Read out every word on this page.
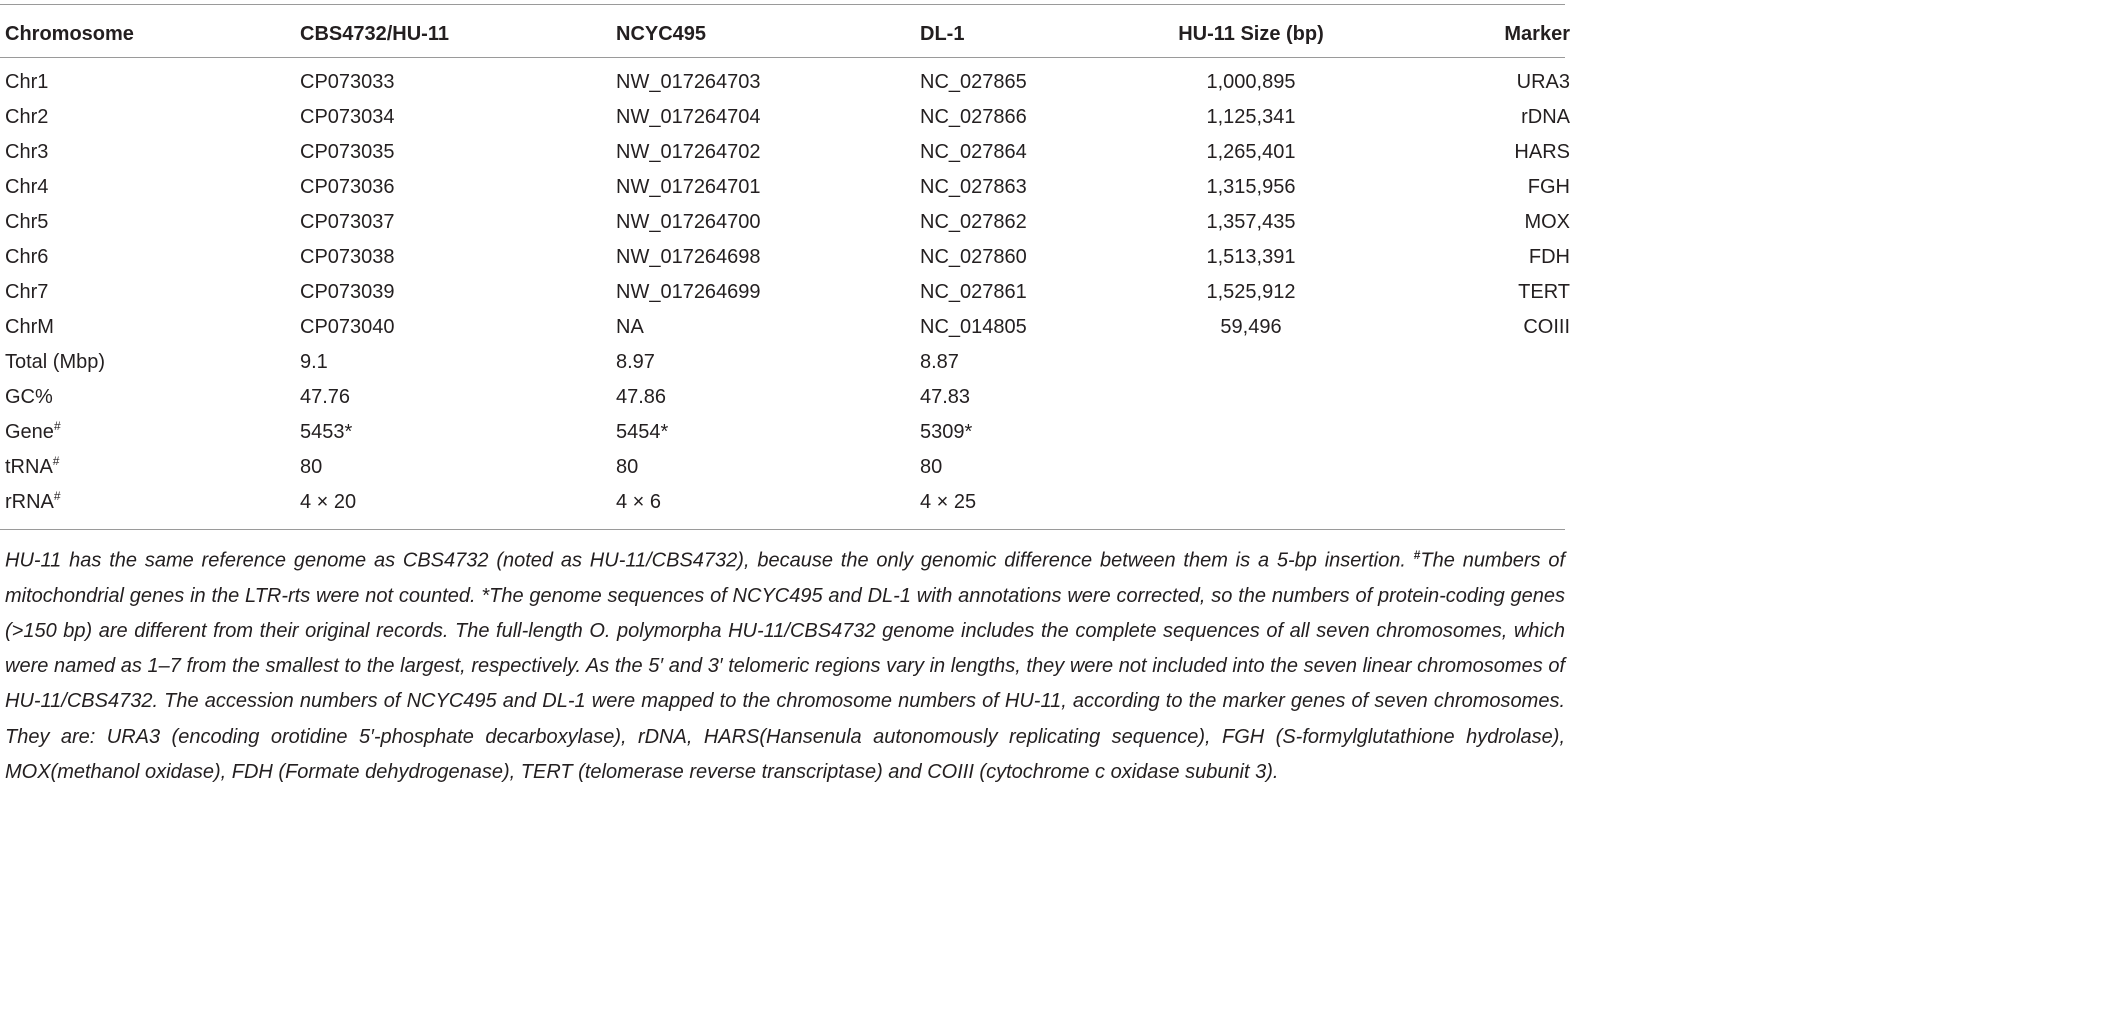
Chromosome	CBS4732/HU-11	NCYC495	DL-1	HU-11 Size (bp)	Marker
Chr1	CP073033	NW_017264703	NC_027865	1,000,895	URA3
Chr2	CP073034	NW_017264704	NC_027866	1,125,341	rDNA
Chr3	CP073035	NW_017264702	NC_027864	1,265,401	HARS
Chr4	CP073036	NW_017264701	NC_027863	1,315,956	FGH
Chr5	CP073037	NW_017264700	NC_027862	1,357,435	MOX
Chr6	CP073038	NW_017264698	NC_027860	1,513,391	FDH
Chr7	CP073039	NW_017264699	NC_027861	1,525,912	TERT
ChrM	CP073040	NA	NC_014805	59,496	COIII
Total (Mbp)	9.1	8.97	8.87		
GC%	47.76	47.86	47.83		
Gene#	5453*	5454*	5309*		
tRNA#	80	80	80		
rRNA#	4 × 20	4 × 6	4 × 25		
HU-11 has the same reference genome as CBS4732 (noted as HU-11/CBS4732), because the only genomic difference between them is a 5-bp insertion. #The numbers of mitochondrial genes in the LTR-rts were not counted. *The genome sequences of NCYC495 and DL-1 with annotations were corrected, so the numbers of protein-coding genes (>150 bp) are different from their original records. The full-length O. polymorpha HU-11/CBS4732 genome includes the complete sequences of all seven chromosomes, which were named as 1–7 from the smallest to the largest, respectively. As the 5′ and 3′ telomeric regions vary in lengths, they were not included into the seven linear chromosomes of HU-11/CBS4732. The accession numbers of NCYC495 and DL-1 were mapped to the chromosome numbers of HU-11, according to the marker genes of seven chromosomes. They are: URA3 (encoding orotidine 5′-phosphate decarboxylase), rDNA, HARS(Hansenula autonomously replicating sequence), FGH (S-formylglutathione hydrolase), MOX(methanol oxidase), FDH (Formate dehydrogenase), TERT (telomerase reverse transcriptase) and COIII (cytochrome c oxidase subunit 3).
